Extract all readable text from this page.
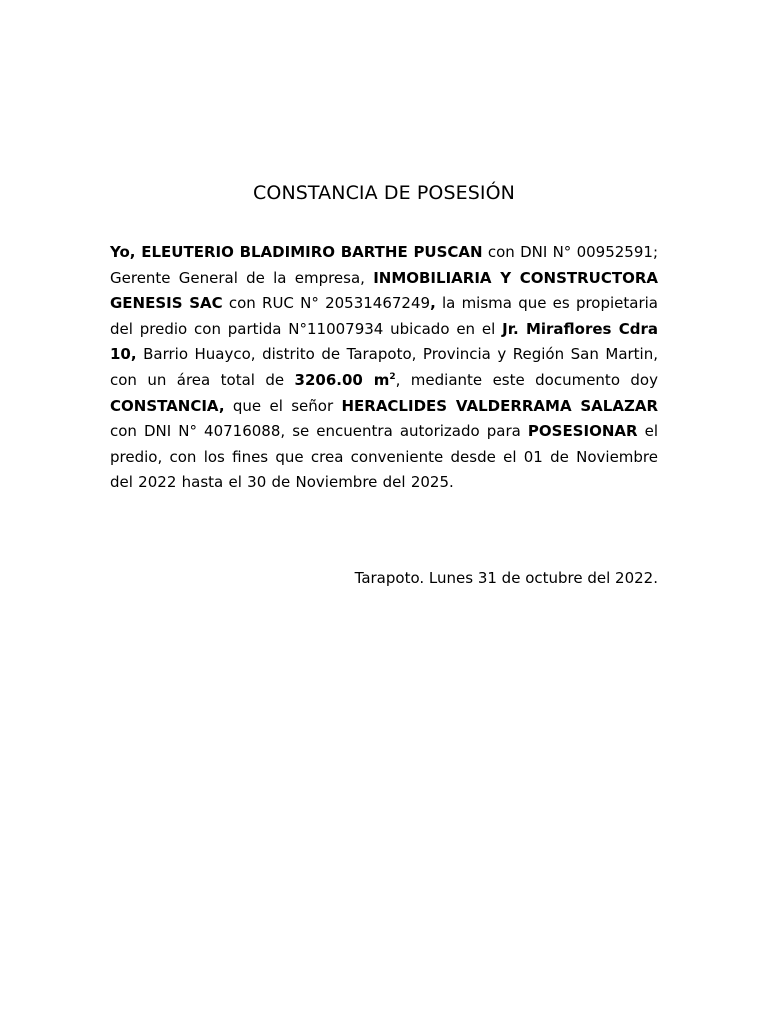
CONSTANCIA DE POSESIÓN

Yo, ELEUTERIO BLADIMIRO BARTHE PUSCAN con DNI N° 00952591; Gerente General de la empresa, INMOBILIARIA Y CONSTRUCTORA GENESIS SAC con RUC N° 20531467249, la misma que es propietaria del predio con partida N°11007934 ubicado en el Jr. Miraflores Cdra 10, Barrio Huayco, distrito de Tarapoto, Provincia y Región San Martin, con un área total de 3206.00 $m^2$, mediante este documento doy CONSTANCIA, que el señor HERACLIDES VALDERRAMA SALAZAR con DNI N° 40716088, se encuentra autorizado para POSESIONAR el predio, con los fines que crea conveniente desde el 01 de Noviembre del 2022 hasta el 30 de Noviembre del 2025.

Tarapoto. Lunes 31 de octubre del 2022.
